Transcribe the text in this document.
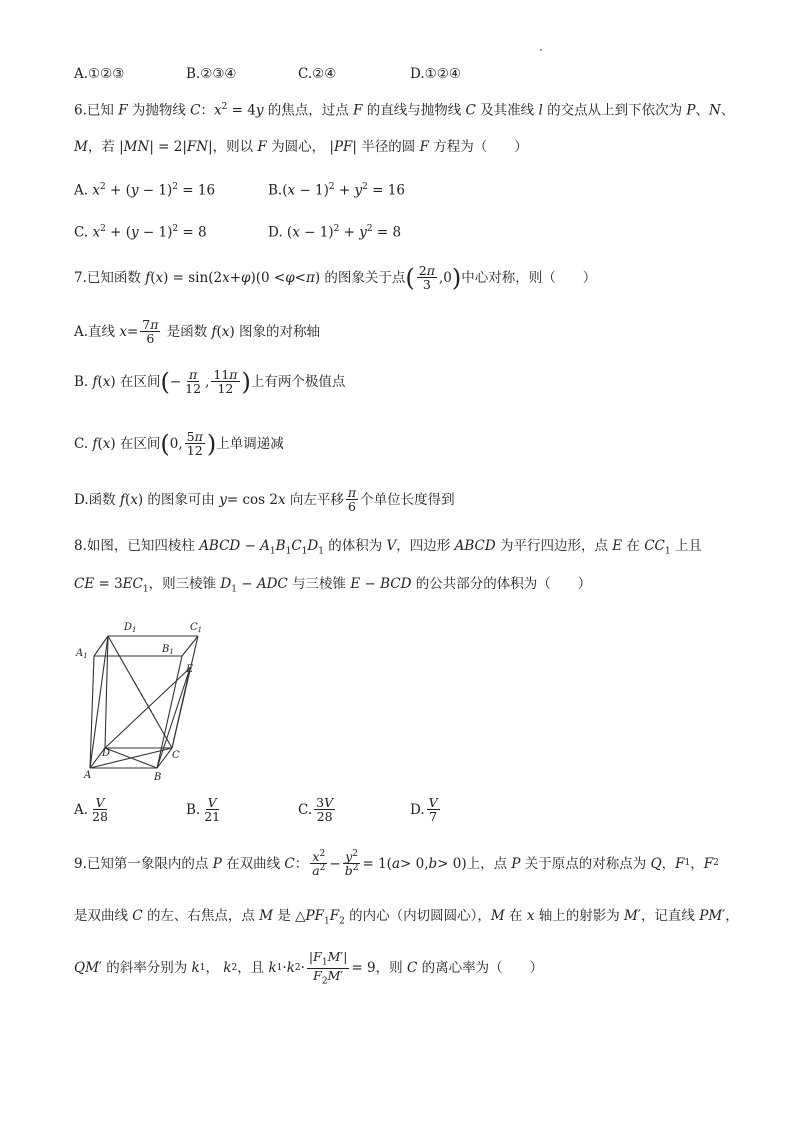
A.①②③	B.②③④	C.②④	D.①②④
6.已知 F 为抛物线 C：$x^2 = 4y$ 的焦点，过点 F 的直线与抛物线 C 及其准线 l 的交点从上到下依次为 P、N、
M，若 |MN| = 2|FN|，则以 F 为圆心， |PF| 半径的圆 F 方程为（　　）
A. $x^2 + (y - 1)^2 = 16$	$B.(x - 1)^2 + y^2 = 16$
C. $x^2 + (y - 1)^2 = 8$	D. $(x - 1)^2 + y^2 = 8$
7.已知函数
f ( x ) = sin(2 x + φ )(0 < φ < π ) 的图象关于点 ( $\frac{2\pi}{3} ,0$ ) 中心对称，则（　　）
A.直线
$x = \frac{7\pi}{6}$
是函数
f ( x ) 图象的对称轴
B.
f ( x ) 在区间 ( − $\frac{\pi}{12}$ , $\frac{11\pi}{12}$ ) 上有两个极值点
C.
f ( x ) 在区间 ( 0, $\frac{5\pi}{12}$ ) 上单调递减
D.函数
f ( x ) 的图象可由
y = cos 2 x
向左平移 $\frac{\pi}{6}$ 个单位长度得到
8.如图，已知四棱柱 ABCD − $A_1B_1C_1D_1$ 的体积为 V，四边形 ABCD 为平行四边形，点 E 在 $CC_1$ 上且
CE = $3EC_1$，则三棱锥 $D_1$ − ADC 与三棱锥 E − BCD 的公共部分的体积为（　　）
$D_1$	$C_1$
$A_1$
$B_1$
E
D	C
A	B
A. $\frac{V}{28}$	B. $\frac{V}{21}$	C. $\frac{3V}{28}$	D. $\frac{V}{7}$
9.已知第一象限内的点
P
在双曲线
C ： $\frac{x^2}{a^2} - \frac{y^2}{b^2} = 1$( a > 0, b > 0) 上，点
P
关于原点的对称点为
Q ， F 1 ， F 2
是双曲线 C 的左、右焦点，点 M 是 $\triangle PF_1F_2$ 的内心（内切圆圆心），M 在 x 轴上的射影为 M′，记直线 PM′，
QM ′ 的斜率分别为
k 1 ， k 2 ，且
k 1 · k $2 \cdot \frac{|F_1M'|}{F_2M'} = 9$ ，则
C
的离心率为（　　）
